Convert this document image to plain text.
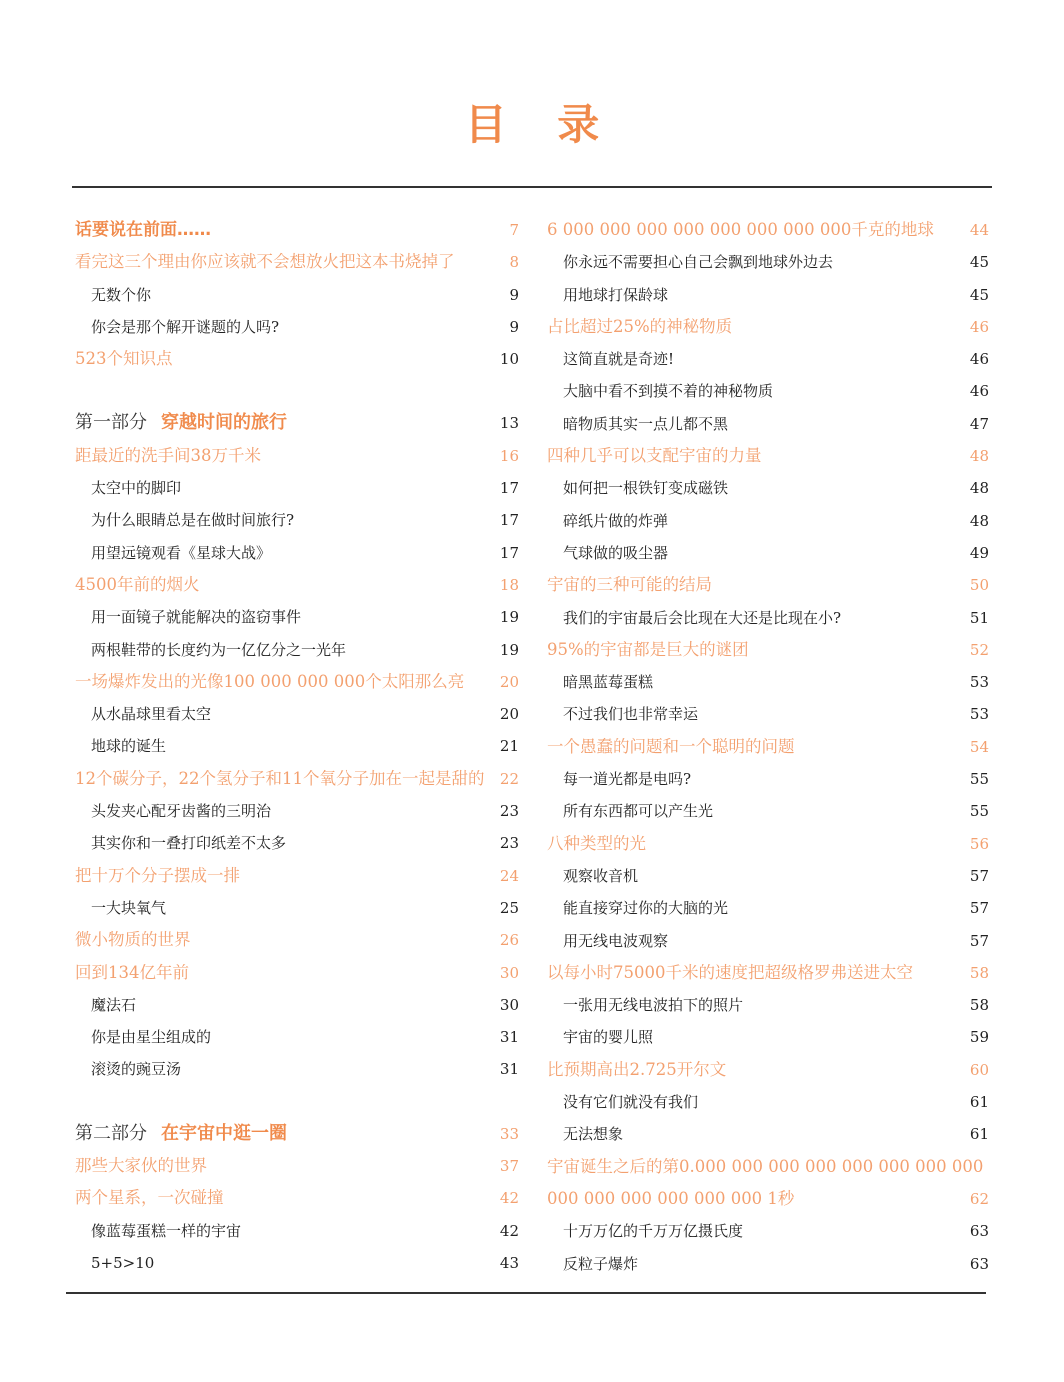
目 录
话要说在前面……	7
看完这三个理由你应该就不会想放火把这本书烧掉了	8
无数个你	9
你会是那个解开谜题的人吗?	9
523个知识点	10
第一部分 穿越时间的旅行	13
距最近的洗手间38万千米	16
太空中的脚印	17
为什么眼睛总是在做时间旅行?	17
用望远镜观看《星球大战》	17
4500年前的烟火	18
用一面镜子就能解决的盗窃事件	19
两根鞋带的长度约为一亿亿分之一光年	19
一场爆炸发出的光像100 000 000 000个太阳那么亮 20
从水晶球里看太空	20
地球的诞生	21
12个碳分子，22个氢分子和11个氧分子加在一起是甜的 22
头发夹心配牙齿酱的三明治	23
其实你和一叠打印纸差不太多	23
把十万个分子摆成一排	24
一大块氧气	25
微小物质的世界	26
回到134亿年前	30
魔法石	30
你是由星尘组成的	31
滚烫的豌豆汤	31
第二部分 在宇宙中逛一圈	33
那些大家伙的世界	37
两个星系，一次碰撞	42
像蓝莓蛋糕一样的宇宙	42
5+5>10	43
6 000 000 000 000 000 000 000 000千克的地球 44
你永远不需要担心自己会飘到地球外边去	45
用地球打保龄球	45
占比超过25%的神秘物质	46
这简直就是奇迹!	46
大脑中看不到摸不着的神秘物质	46
暗物质其实一点儿都不黑	47
四种几乎可以支配宇宙的力量	48
如何把一根铁钉变成磁铁	48
碎纸片做的炸弹	48
气球做的吸尘器	49
宇宙的三种可能的结局	50
我们的宇宙最后会比现在大还是比现在小?	51
95%的宇宙都是巨大的谜团	52
暗黑蓝莓蛋糕	53
不过我们也非常幸运	53
一个愚蠢的问题和一个聪明的问题	54
每一道光都是电吗?	55
所有东西都可以产生光	55
八种类型的光	56
观察收音机	57
能直接穿过你的大脑的光	57
用无线电波观察	57
以每小时75000千米的速度把超级格罗弗送进太空	58
一张用无线电波拍下的照片	58
宇宙的婴儿照	59
比预期高出2.725开尔文	60
没有它们就没有我们	61
无法想象	61
宇宙诞生之后的第0.000 000 000 000 000 000 000 000
000 000 000 000 000 000 1秒	62
十万万亿的千万万亿摄氏度	63
反粒子爆炸	63
